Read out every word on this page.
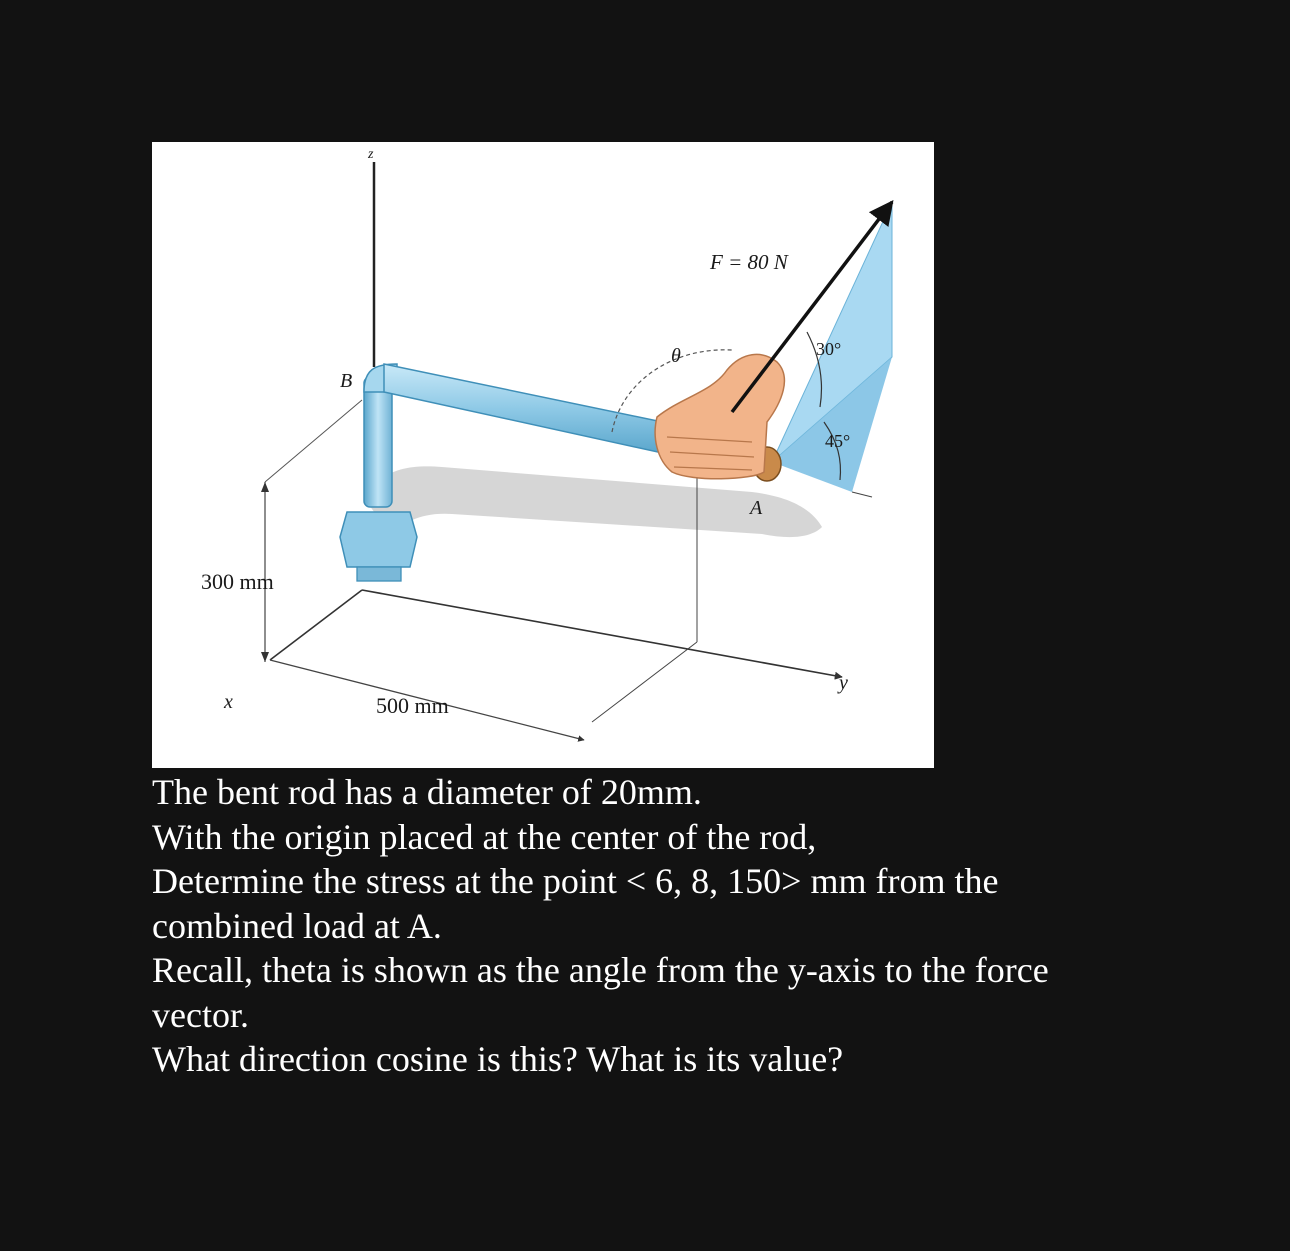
F = 80 N
θ	30°
45°
B
A
300 mm
500 mm
x
y
z

The bent rod has a diameter of 20mm.

With the origin placed at the center of the rod,

Determine the stress at the point < 6, 8, 150> mm from the combined load at A.

Recall, theta is shown as the angle from the y-axis to the force vector.

What direction cosine is this? What is its value?
